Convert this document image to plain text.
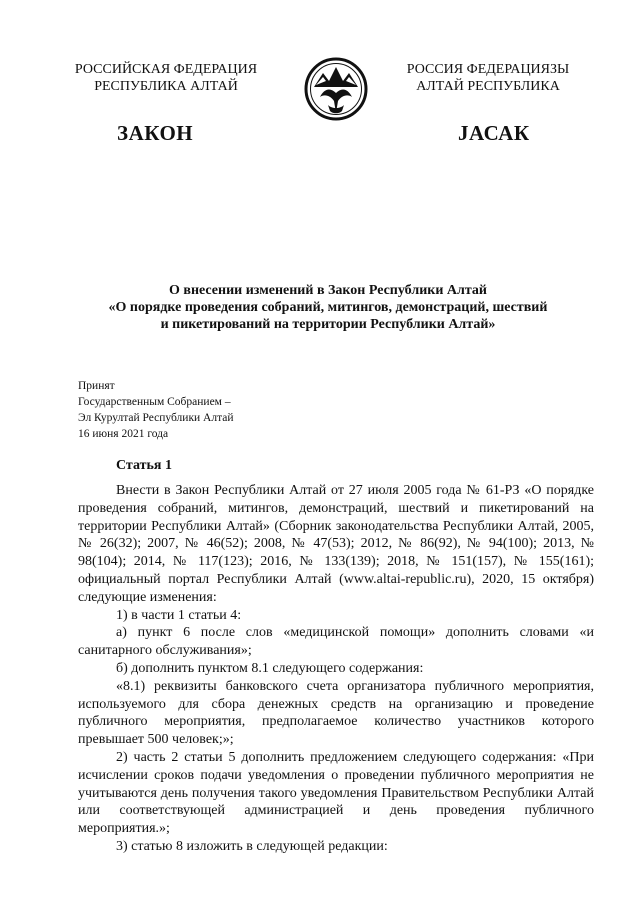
РОССИЙСКАЯ ФЕДЕРАЦИЯ
РЕСПУБЛИКА АЛТАЙ
РОССИЯ ФЕДЕРАЦИЯЗЫ
АЛТАЙ РЕСПУБЛИКА
ЗАКОН	ЈАСАК
О внесении изменений в Закон Республики Алтай
«О порядке проведения собраний, митингов, демонстраций, шествий
и пикетирований на территории Республики Алтай»
Принят
Государственным Собранием –
Эл Курултай Республики Алтай
16 июня 2021 года
Статья 1

Внести в Закон Республики Алтай от 27 июля 2005 года № 61-РЗ «О порядке проведения собраний, митингов, демонстраций, шествий и пикетирований на территории Республики Алтай» (Сборник законодательства Республики Алтай, 2005, № 26(32); 2007, № 46(52); 2008, № 47(53); 2012, № 86(92), № 94(100); 2013, № 98(104); 2014, № 117(123); 2016, № 133(139); 2018, № 151(157), № 155(161); официальный портал Республики Алтай (www.altai-republic.ru), 2020, 15 октября) следующие изменения:

1) в части 1 статьи 4:

а) пункт 6 после слов «медицинской помощи» дополнить словами «и санитарного обслуживания»;

б) дополнить пунктом 8.1 следующего содержания:

«8.1) реквизиты банковского счета организатора публичного мероприятия, используемого для сбора денежных средств на организацию и проведение публичного мероприятия, предполагаемое количество участников которого превышает 500 человек;»;

2) часть 2 статьи 5 дополнить предложением следующего содержания: «При исчислении сроков подачи уведомления о проведении публичного мероприятия не учитываются день получения такого уведомления Правительством Республики Алтай или соответствующей администрацией и день проведения публичного мероприятия.»;

3) статью 8 изложить в следующей редакции:
